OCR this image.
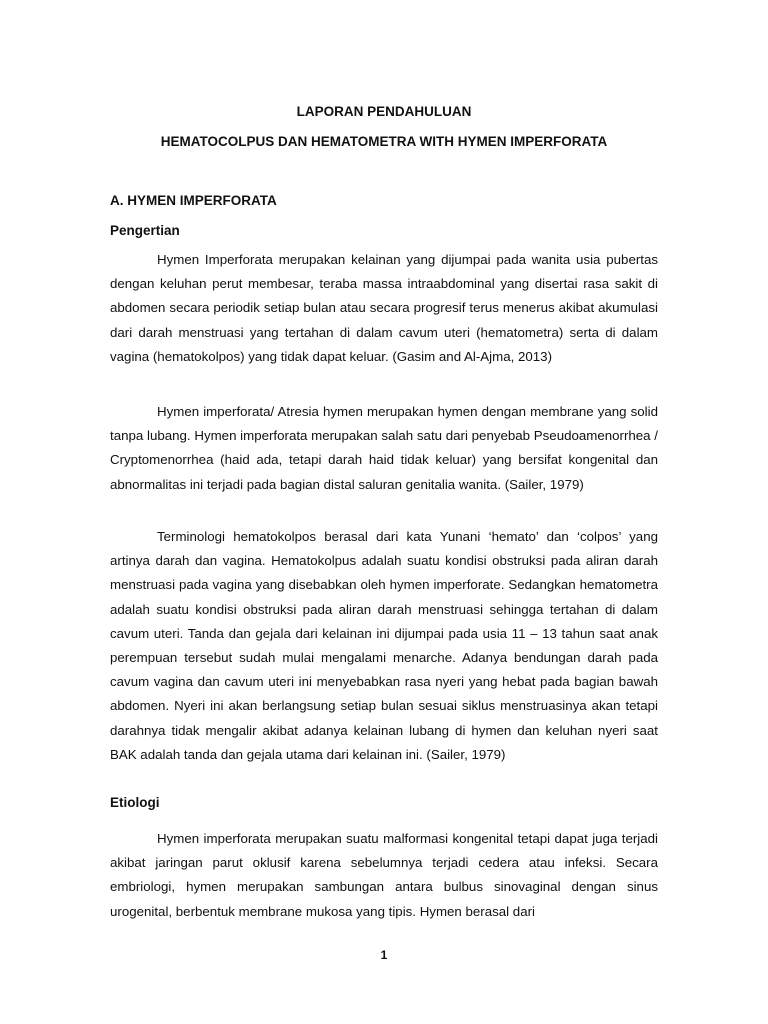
LAPORAN PENDAHULUAN

HEMATOCOLPUS DAN HEMATOMETRA WITH HYMEN IMPERFORATA

A. HYMEN IMPERFORATA

Pengertian

Hymen Imperforata merupakan kelainan yang dijumpai pada wanita usia pubertas dengan keluhan perut membesar, teraba massa intraabdominal yang disertai rasa sakit di abdomen secara periodik setiap bulan atau secara progresif terus menerus akibat akumulasi dari darah menstruasi yang tertahan di dalam cavum uteri (hematometra) serta di dalam vagina (hematokolpos) yang tidak dapat keluar. (Gasim and Al-Ajma, 2013)

Hymen imperforata/ Atresia hymen merupakan hymen dengan membrane yang solid tanpa lubang. Hymen imperforata merupakan salah satu dari penyebab Pseudoamenorrhea / Cryptomenorrhea (haid ada, tetapi darah haid tidak keluar) yang bersifat kongenital dan abnormalitas ini terjadi pada bagian distal saluran genitalia wanita. (Sailer, 1979)

Terminologi hematokolpos berasal dari kata Yunani ‘hemato’ dan ‘colpos’ yang artinya darah dan vagina. Hematokolpus adalah suatu kondisi obstruksi pada aliran darah menstruasi pada vagina yang disebabkan oleh hymen imperforate. Sedangkan hematometra adalah suatu kondisi obstruksi pada aliran darah menstruasi sehingga tertahan di dalam cavum uteri. Tanda dan gejala dari kelainan ini dijumpai pada usia 11 – 13 tahun saat anak perempuan tersebut sudah mulai mengalami menarche. Adanya bendungan darah pada cavum vagina dan cavum uteri ini menyebabkan rasa nyeri yang hebat pada bagian bawah abdomen. Nyeri ini akan berlangsung setiap bulan sesuai siklus menstruasinya akan tetapi darahnya tidak mengalir akibat adanya kelainan lubang di hymen dan keluhan nyeri saat BAK adalah tanda dan gejala utama dari kelainan ini. (Sailer, 1979)

Etiologi

Hymen imperforata merupakan suatu malformasi kongenital tetapi dapat juga terjadi akibat jaringan parut oklusif karena sebelumnya terjadi cedera atau infeksi. Secara embriologi, hymen merupakan sambungan antara bulbus sinovaginal dengan sinus urogenital, berbentuk membrane mukosa yang tipis. Hymen berasal dari

1
